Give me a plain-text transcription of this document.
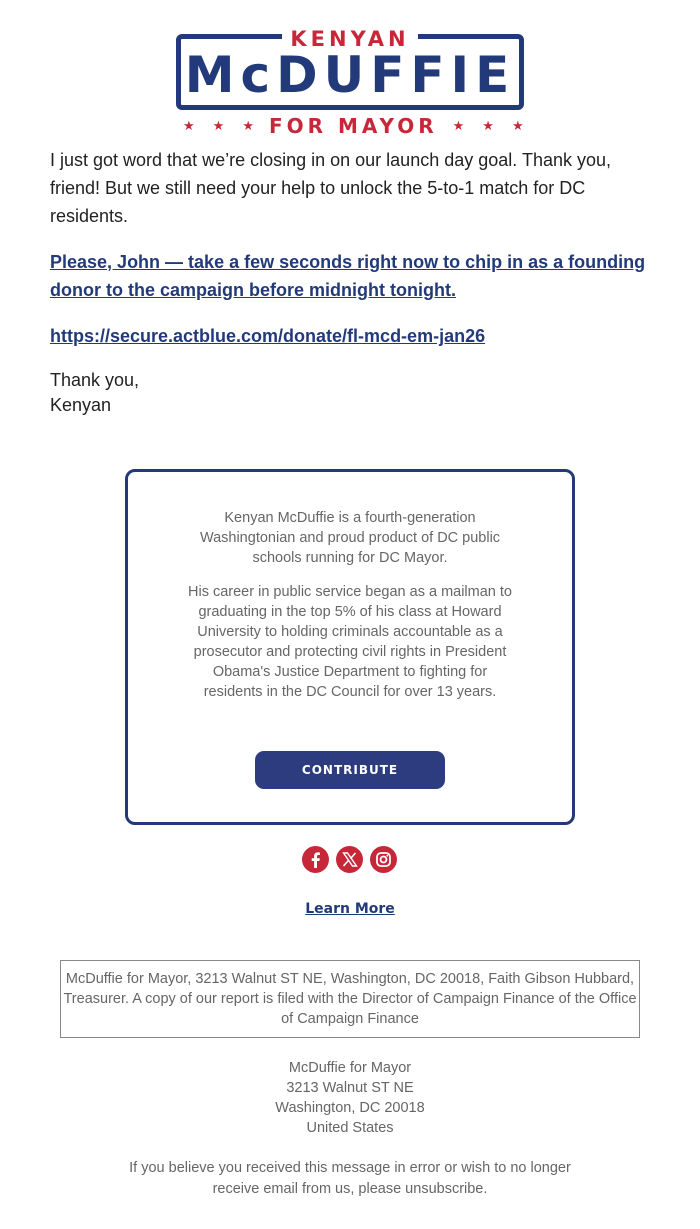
KENYAN
McDUFFIE
★ ★ ★ FOR MAYOR ★ ★ ★

I just got word that we’re closing in on our launch day goal. Thank you, friend! But we still need your help to unlock the 5-to-1 match for DC residents.

Please, John — take a few seconds right now to chip in as a founding donor to the campaign before midnight tonight.

https://secure.actblue.com/donate/fl-mcd-em-jan26

Thank you,
Kenyan

Kenyan McDuffie is a fourth-generation Washingtonian and proud product of DC public schools running for DC Mayor.

His career in public service began as a mailman to graduating in the top 5% of his class at Howard University to holding criminals accountable as a prosecutor and protecting civil rights in President Obama's Justice Department to fighting for residents in the DC Council for over 13 years.

CONTRIBUTE
Learn More
McDuffie for Mayor, 3213 Walnut ST NE, Washington, DC 20018, Faith Gibson Hubbard, Treasurer. A copy of our report is filed with the Director of Campaign Finance of the Office of Campaign Finance
McDuffie for Mayor
3213 Walnut ST NE
Washington, DC 20018
United States
If you believe you received this message in error or wish to no longer receive email from us, please unsubscribe.
